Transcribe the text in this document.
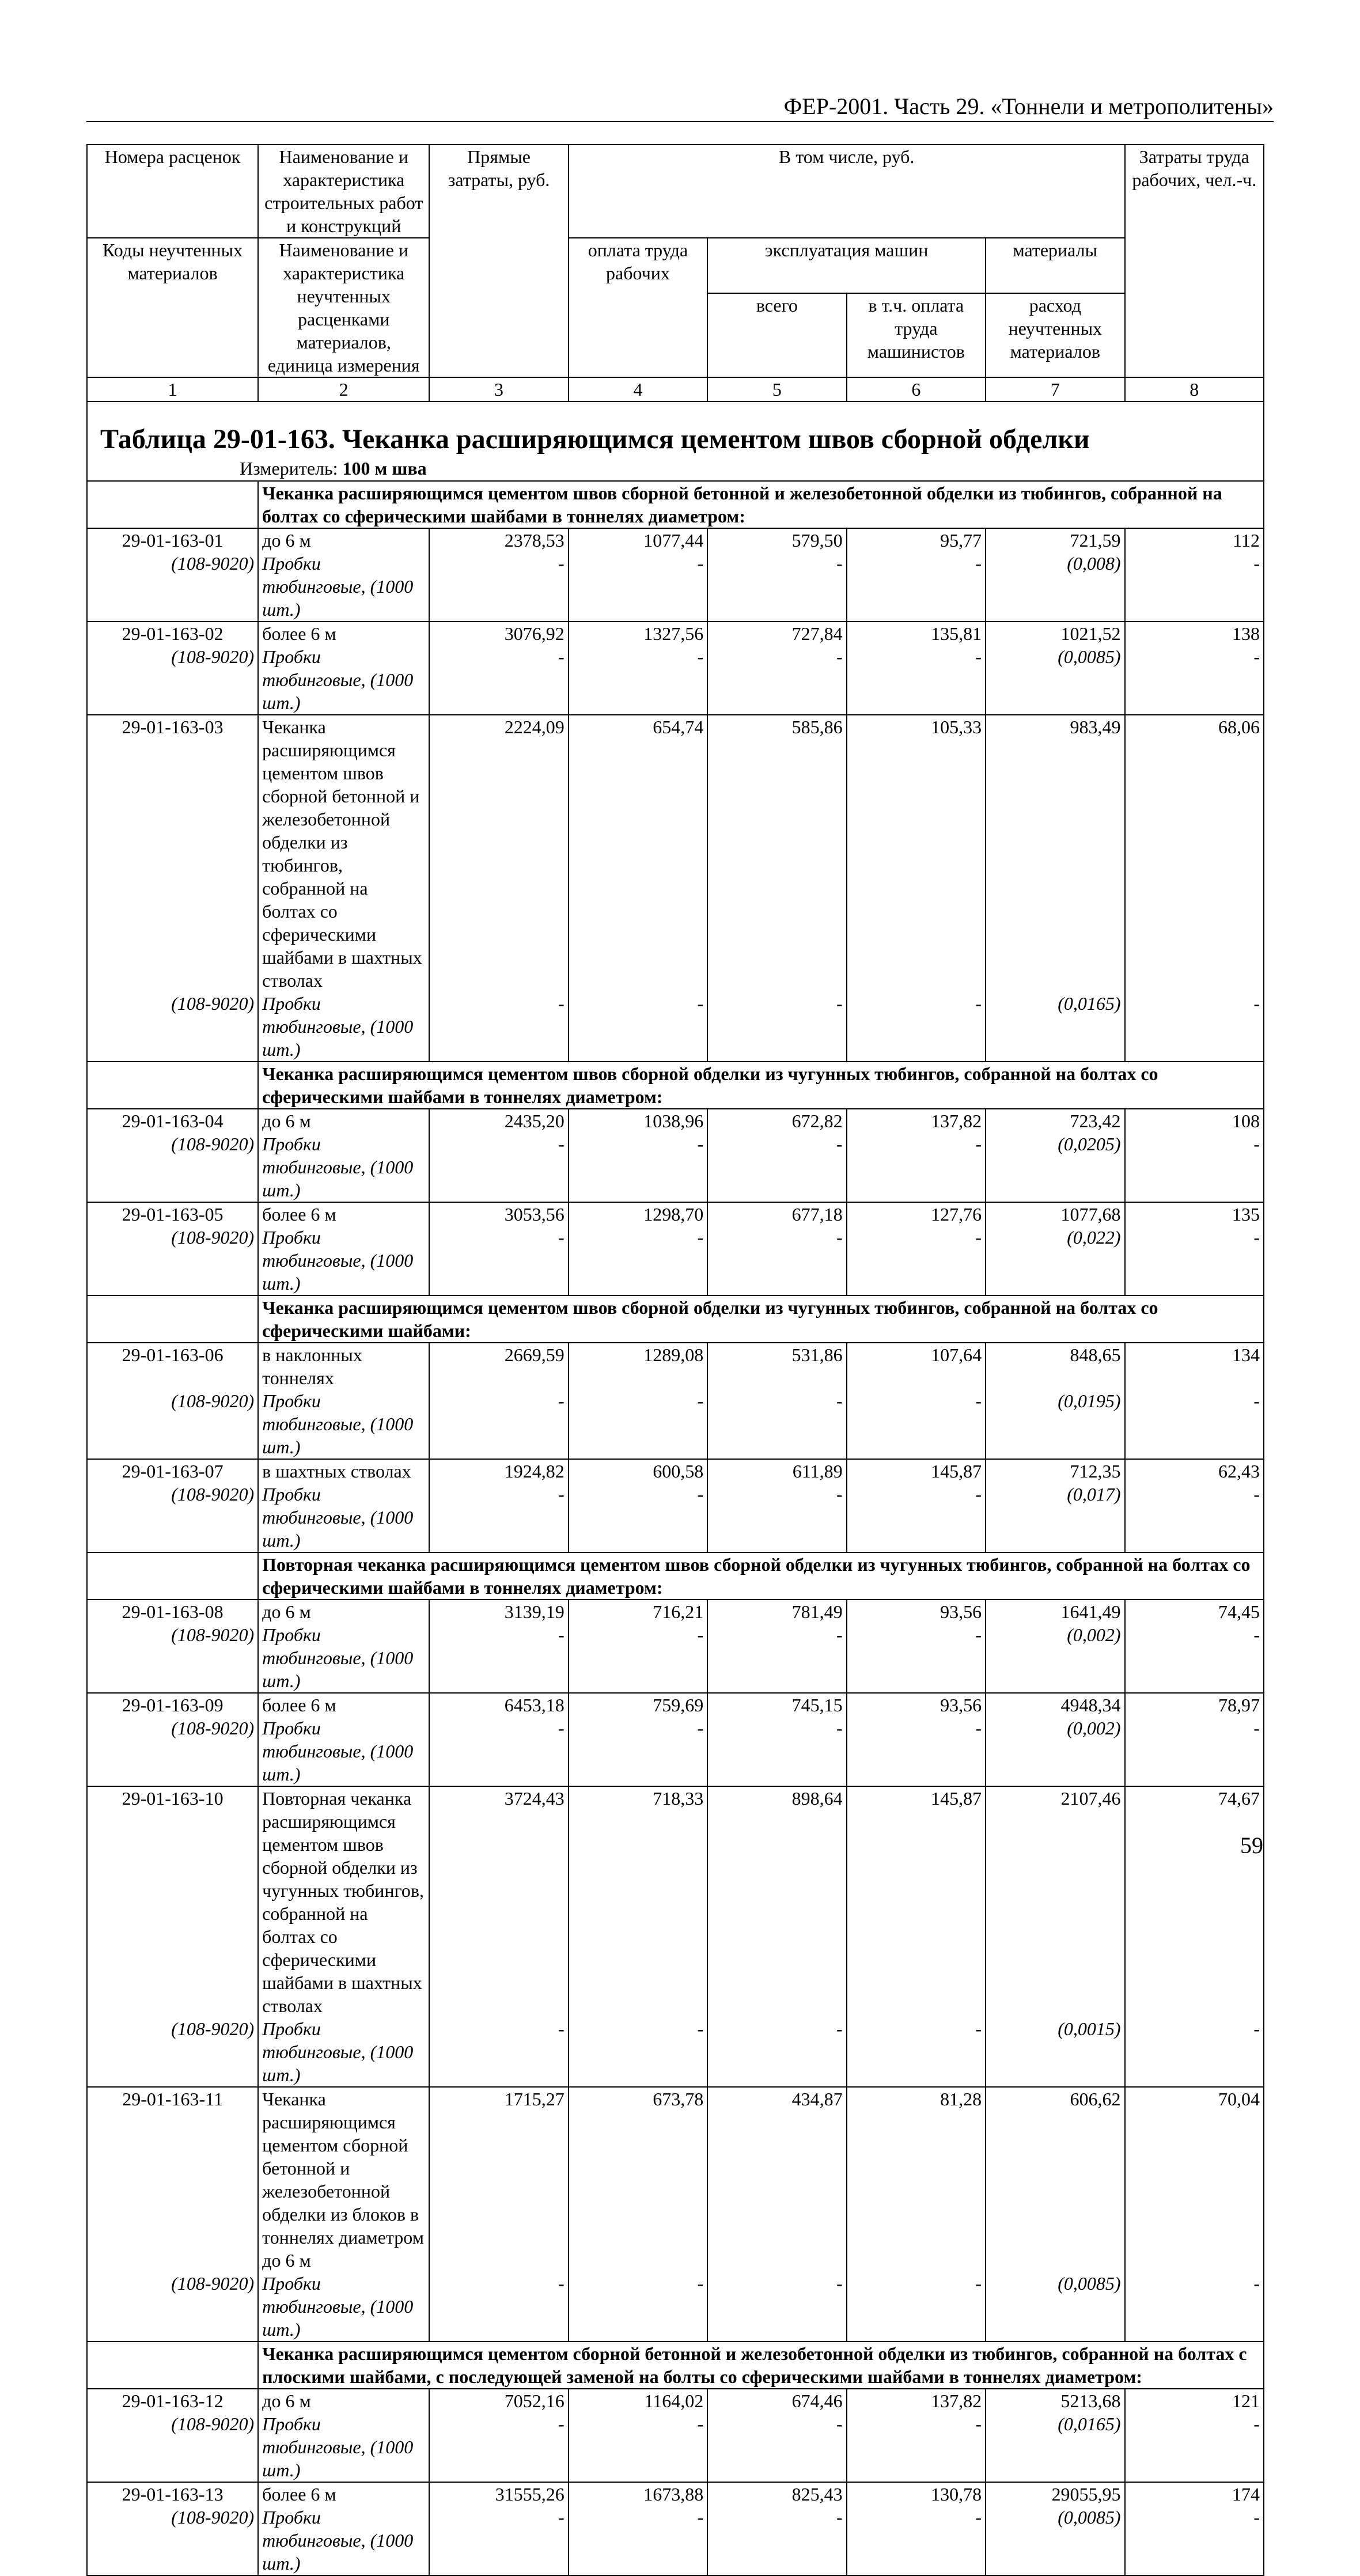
ФЕР-2001. Часть 29. «Тоннели и метрополитены»
Номера расценок	Наименование и характеристика строительных работ и конструкций	Прямые затраты, руб.	В том числе, руб.				Затраты труда рабочих, чел.-ч.
Коды неучтенных материалов	Наименование и характеристика неучтенных расценками материалов, единица измерения		оплата труда рабочих	эксплуатация машин		материалы	
				всего	в т.ч. оплата труда машинистов	расход неучтенных материалов	
1	2	3	4	5	6	7	8

Таблица 29-01-163. Чеканка расширяющимся цементом швов сборной обделки
Измеритель: 100 м шва							

	Чеканка расширяющимся цементом швов сборной бетонной и железобетонной обделки из тюбингов, собранной на болтах со сферическими шайбами в тоннелях диаметром:						
29-01-163-01	до 6 м	2378,53	1077,44	579,50	95,77	721,59	112
(108-9020)	Пробки тюбинговые, (1000 шт.)	-	-	-	-	(0,008)	-
29-01-163-02	более 6 м	3076,92	1327,56	727,84	135,81	1021,52	138
(108-9020)	Пробки тюбинговые, (1000 шт.)	-	-	-	-	(0,0085)	-
29-01-163-03	Чеканка расширяющимся цементом швов сборной бетонной и железобетонной обделки из тюбингов, собранной на болтах со сферическими шайбами в шахтных стволах	2224,09	654,74	585,86	105,33	983,49	68,06
(108-9020)	Пробки тюбинговые, (1000 шт.)	-	-	-	-	(0,0165)	-
	Чеканка расширяющимся цементом швов сборной обделки из чугунных тюбингов, собранной на болтах со сферическими шайбами в тоннелях диаметром:						
29-01-163-04	до 6 м	2435,20	1038,96	672,82	137,82	723,42	108
(108-9020)	Пробки тюбинговые, (1000 шт.)	-	-	-	-	(0,0205)	-
29-01-163-05	более 6 м	3053,56	1298,70	677,18	127,76	1077,68	135
(108-9020)	Пробки тюбинговые, (1000 шт.)	-	-	-	-	(0,022)	-
	Чеканка расширяющимся цементом швов сборной обделки из чугунных тюбингов, собранной на болтах со сферическими шайбами:						
29-01-163-06	в наклонных тоннелях	2669,59	1289,08	531,86	107,64	848,65	134
(108-9020)	Пробки тюбинговые, (1000 шт.)	-	-	-	-	(0,0195)	-
29-01-163-07	в шахтных стволах	1924,82	600,58	611,89	145,87	712,35	62,43
(108-9020)	Пробки тюбинговые, (1000 шт.)	-	-	-	-	(0,017)	-
	Повторная чеканка расширяющимся цементом швов сборной обделки из чугунных тюбингов, собранной на болтах со сферическими шайбами в тоннелях диаметром:						
29-01-163-08	до 6 м	3139,19	716,21	781,49	93,56	1641,49	74,45
(108-9020)	Пробки тюбинговые, (1000 шт.)	-	-	-	-	(0,002)	-
29-01-163-09	более 6 м	6453,18	759,69	745,15	93,56	4948,34	78,97
(108-9020)	Пробки тюбинговые, (1000 шт.)	-	-	-	-	(0,002)	-
29-01-163-10	Повторная чеканка расширяющимся цементом швов сборной обделки из чугунных тюбингов, собранной на болтах со сферическими шайбами в шахтных стволах	3724,43	718,33	898,64	145,87	2107,46	74,67
(108-9020)	Пробки тюбинговые, (1000 шт.)	-	-	-	-	(0,0015)	-
29-01-163-11	Чеканка расширяющимся цементом сборной бетонной и железобетонной обделки из блоков в тоннелях диаметром до 6 м	1715,27	673,78	434,87	81,28	606,62	70,04
(108-9020)	Пробки тюбинговые, (1000 шт.)	-	-	-	-	(0,0085)	-
	Чеканка расширяющимся цементом сборной бетонной и железобетонной обделки из тюбингов, собранной на болтах с плоскими шайбами, с последующей заменой на болты со сферическими шайбами в тоннелях диаметром:						
29-01-163-12	до 6 м	7052,16	1164,02	674,46	137,82	5213,68	121
(108-9020)	Пробки тюбинговые, (1000 шт.)	-	-	-	-	(0,0165)	-
29-01-163-13	более 6 м	31555,26	1673,88	825,43	130,78	29055,95	174
(108-9020)	Пробки тюбинговые, (1000 шт.)	-	-	-	-	(0,0085)	-
59
